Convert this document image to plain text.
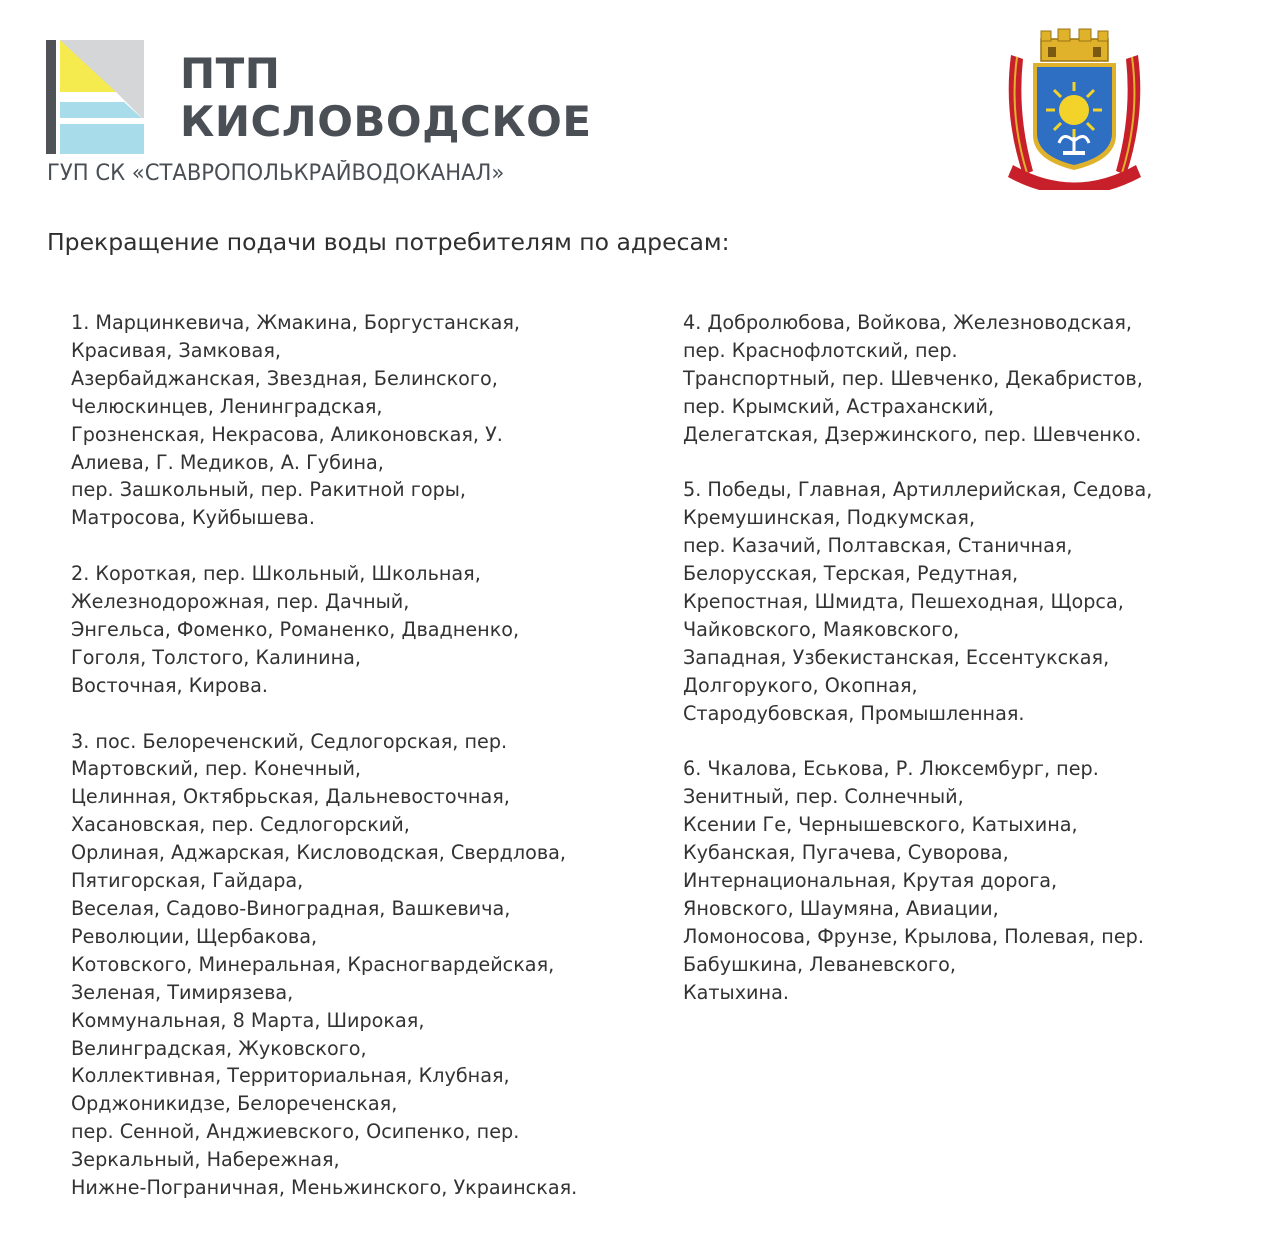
ПТП
КИСЛОВОДСКОЕ
ГУП СК «СТАВРОПОЛЬКРАЙВОДОКАНАЛ»
Прекращение подачи воды потребителям по адресам:
1. Марцинкевича, Жмакина, Боргустанская,
Красивая, Замковая,
Азербайджанская, Звездная, Белинского,
Челюскинцев, Ленинградская,
Грозненская, Некрасова, Аликоновская, У.
Алиева, Г. Медиков, А. Губина,
пер. Зашкольный, пер. Ракитной горы,
Матросова, Куйбышева.
2. Короткая, пер. Школьный, Школьная,
Железнодорожная, пер. Дачный,
Энгельса, Фоменко, Романенко, Двадненко,
Гоголя, Толстого, Калинина,
Восточная, Кирова.
3. пос. Белореченский, Седлогорская, пер.
Мартовский, пер. Конечный,
Целинная, Октябрьская, Дальневосточная,
Хасановская, пер. Седлогорский,
Орлиная, Аджарская, Кисловодская, Свердлова,
Пятигорская, Гайдара,
Веселая, Садово-Виноградная, Вашкевича,
Революции, Щербакова,
Котовского, Минеральная, Красногвардейская,
Зеленая, Тимирязева,
Коммунальная, 8 Марта, Широкая,
Велинградская, Жуковского,
Коллективная, Территориальная, Клубная,
Орджоникидзе, Белореченская,
пер. Сенной, Анджиевского, Осипенко, пер.
Зеркальный, Набережная,
Нижне-Пограничная, Меньжинского, Украинская.
4. Добролюбова, Войкова, Железноводская,
пер. Краснофлотский, пер.
Транспортный, пер. Шевченко, Декабристов,
пер. Крымский, Астраханский,
Делегатская, Дзержинского, пер. Шевченко.
5. Победы, Главная, Артиллерийская, Седова,
Кремушинская, Подкумская,
пер. Казачий, Полтавская, Станичная,
Белорусская, Терская, Редутная,
Крепостная, Шмидта, Пешеходная, Щорса,
Чайковского, Маяковского,
Западная, Узбекистанская, Ессентукская,
Долгорукого, Окопная,
Стародубовская, Промышленная.
6. Чкалова, Еськова, Р. Люксембург, пер.
Зенитный, пер. Солнечный,
Ксении Ге, Чернышевского, Катыхина,
Кубанская, Пугачева, Суворова,
Интернациональная, Крутая дорога,
Яновского, Шаумяна, Авиации,
Ломоносова, Фрунзе, Крылова, Полевая, пер.
Бабушкина, Леваневского,
Катыхина.
